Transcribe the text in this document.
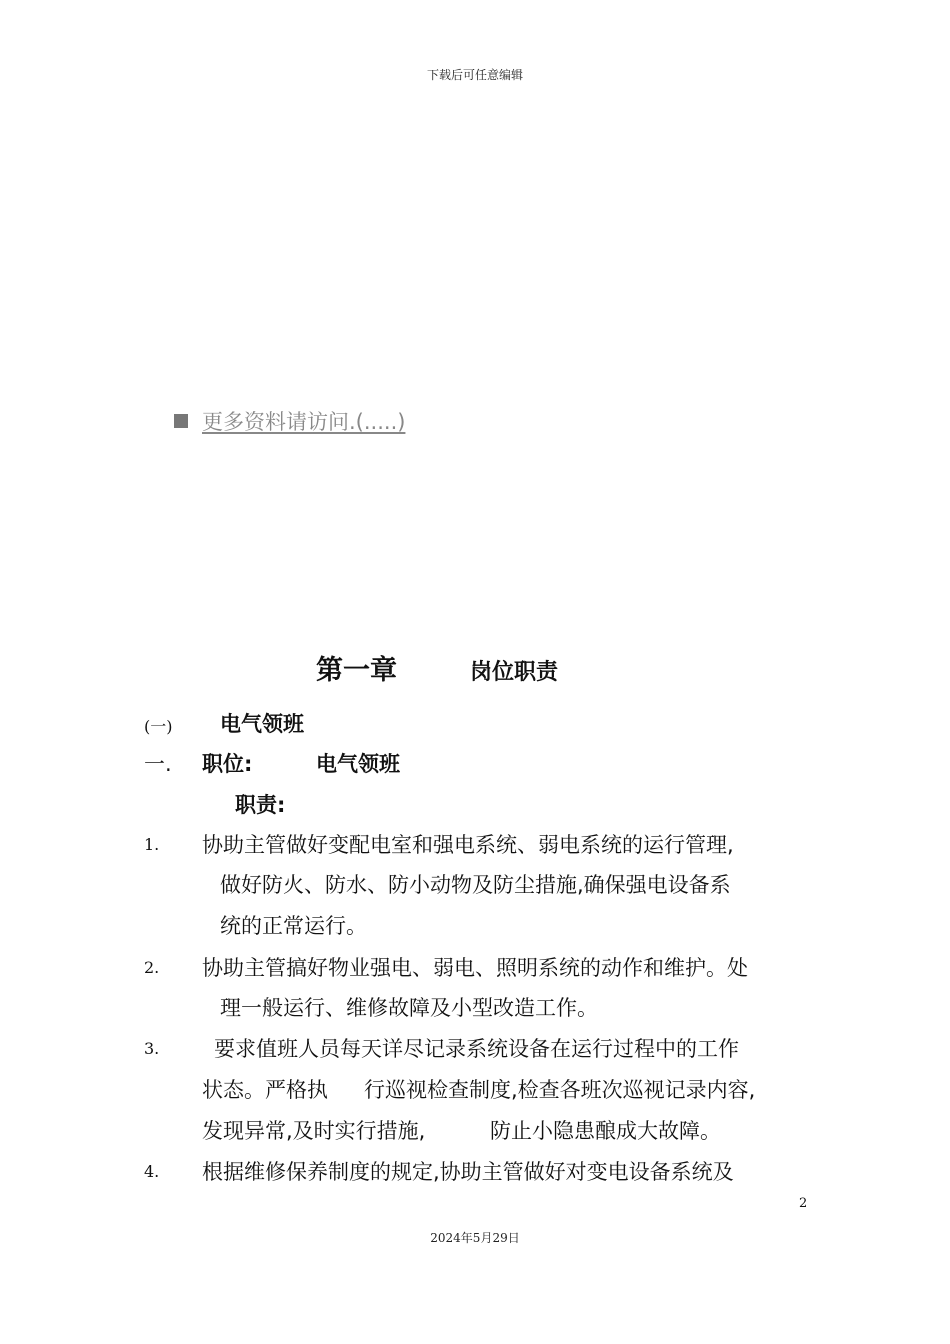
下载后可任意编辑
更多资料请访问.(.....)
第一章	岗位职责
(一) 电气领班
一. 职位:	电气领班
职责:
1. 协助主管做好变配电室和强电系统、弱电系统的运行管理,
做好防火、防水、防小动物及防尘措施,确保强电设备系
统的正常运行。
2. 协助主管搞好物业强电、弱电、照明系统的动作和维护。处
理一般运行、维修故障及小型改造工作。
3.	要求值班人员每天详尽记录系统设备在运行过程中的工作
状态。严格执 行巡视检查制度,检查各班次巡视记录内容,
发现异常,及时实行措施,	防止小隐患酿成大故障。
4. 根据维修保养制度的规定,协助主管做好对变电设备系统及
2
2024年5月29日
